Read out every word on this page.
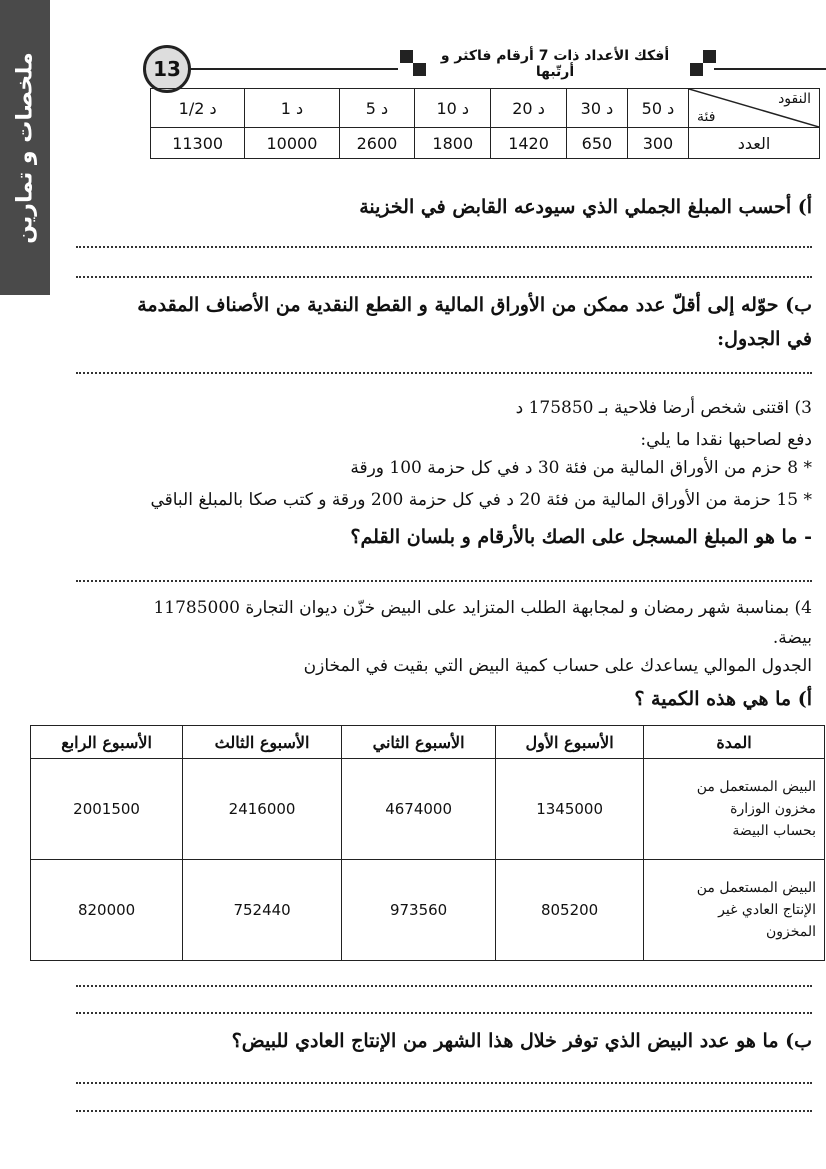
ملخصات و تمارين	13
أفكك الأعداد ذات 7 أرقام فاكثر و أرتّبها
1/2 د	1 د	5 د	10 د	20 د	30 د	50 د	النقود
فئة

11300	10000	2600	1800	1420	650	300	العدد
أ) أحسب المبلغ الجملي الذي سيودعه القابض في الخزينة
ب) حوّله إلى أقلّ عدد ممكن من الأوراق المالية و القطع النقدية من الأصناف المقدمة
في الجدول:
3) اقتنى شخص أرضا فلاحية بـ 175850 د
دفع لصاحبها نقدا ما يلي:
* 8 حزم من الأوراق المالية من فئة 30 د في كل حزمة 100 ورقة
* 15 حزمة من الأوراق المالية من فئة 20 د في كل حزمة 200 ورقة و كتب صكا بالمبلغ الباقي
- ما هو المبلغ المسجل على الصك بالأرقام و بلسان القلم؟
4) بمناسبة شهر رمضان و لمجابهة الطلب المتزايد على البيض خزّن ديوان التجارة 11785000
بيضة.
الجدول الموالي يساعدك على حساب كمية البيض التي بقيت في المخازن
أ) ما هي هذه الكمية ؟
الأسبوع الرابع	الأسبوع الثالث	الأسبوع الثاني	الأسبوع الأول	المدة
2001500	2416000	4674000	1345000	البيض المستعمل من
مخزون الوزارة
بحساب البيضة

820000	752440	973560	805200	البيض المستعمل من
الإنتاج العادي غير
المخزون
ب) ما هو عدد البيض الذي توفر خلال هذا الشهر من الإنتاج العادي للبيض؟
